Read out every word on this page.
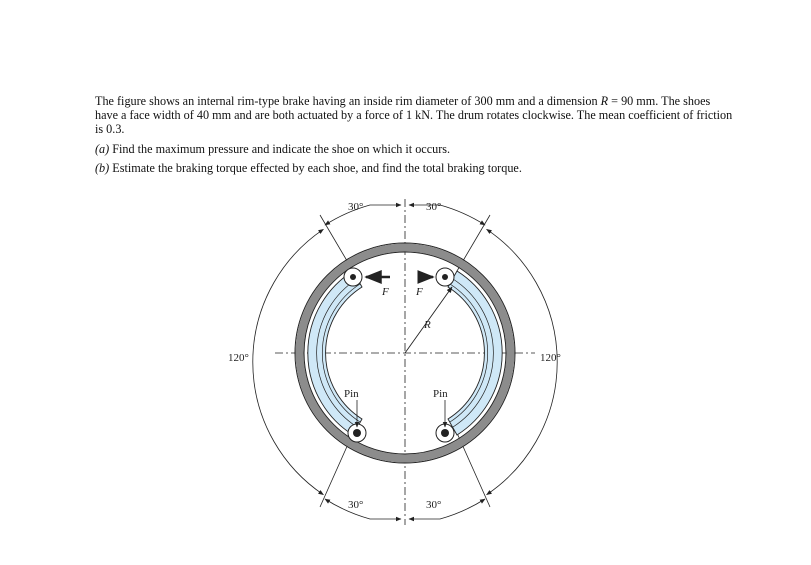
The figure shows an internal rim-type brake having an inside rim diameter of 300 mm and a dimension R = 90 mm. The shoes have a face width of 40 mm and are both actuated by a force of 1 kN. The drum rotates clockwise. The mean coefficient of friction is 0.3.

(a) Find the maximum pressure and indicate the shoe on which it occurs.

(b) Estimate the braking torque effected by each shoe, and find the total braking torque.

30°	30°
30°	30°
120°	120°
F F
R
Pin	Pin
